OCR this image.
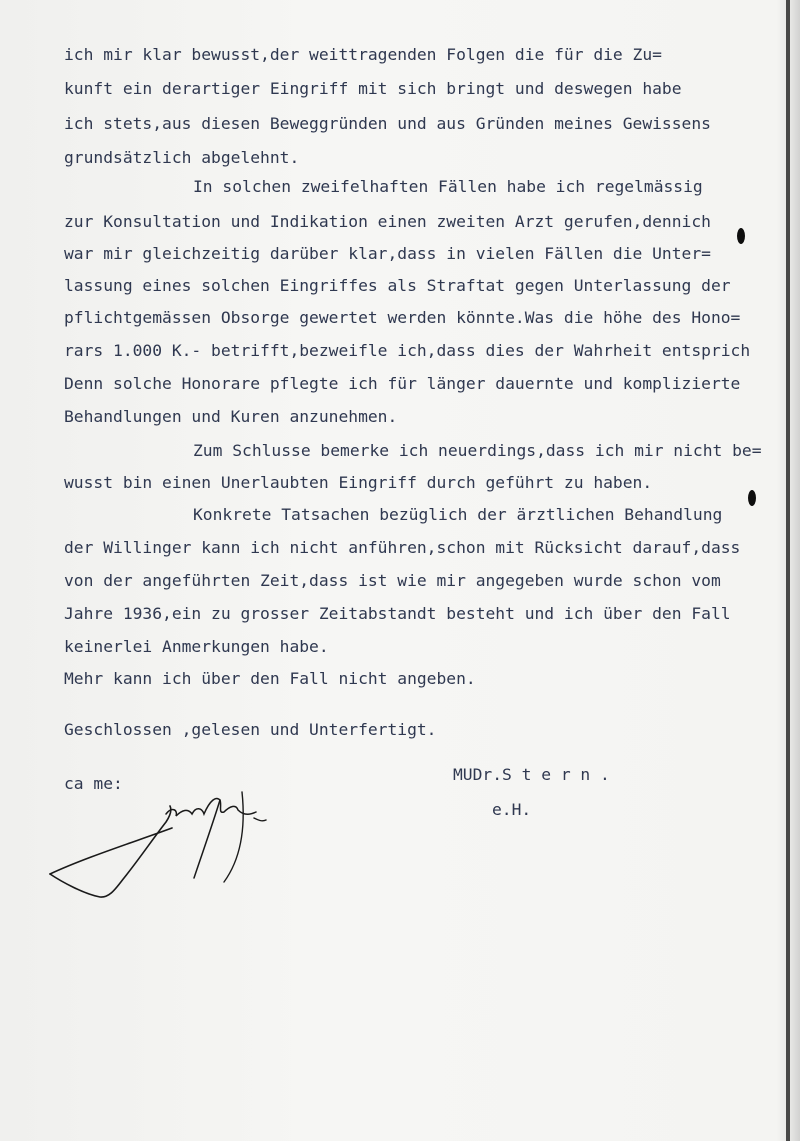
ich mir klar bewusst,der weittragenden Folgen die für die Zu=
kunft ein derartiger Eingriff mit sich bringt und deswegen habe
ich stets,aus diesen Beweggründen und aus Gründen meines Gewissens
grundsätzlich abgelehnt.
In solchen zweifelhaften Fällen habe ich regelmässig
zur Konsultation und Indikation einen zweiten Arzt gerufen,dennich
war mir gleichzeitig darüber klar,dass in vielen Fällen die Unter=
lassung eines solchen Eingriffes als Straftat gegen Unterlassung der
pflichtgemässen Obsorge gewertet werden könnte.Was die höhe des Hono=
rars 1.000 K.- betrifft,bezweifle ich,dass dies der Wahrheit entsprich
Denn solche Honorare pflegte ich für länger dauernte und komplizierte
Behandlungen und Kuren anzunehmen.
Zum Schlusse bemerke ich neuerdings,dass ich mir nicht be=
wusst bin einen Unerlaubten Eingriff durch geführt zu haben.
Konkrete Tatsachen bezüglich der ärztlichen Behandlung
der Willinger kann ich nicht anführen,schon mit Rücksicht darauf,dass
von der angeführten Zeit,dass ist wie mir angegeben wurde schon vom
Jahre 1936,ein zu grosser Zeitabstandt besteht und ich über den Fall
keinerlei Anmerkungen habe.
Mehr kann ich über den Fall nicht angeben.
Geschlossen ,gelesen und Unterfertigt.
ca me:	MUDr.S t e r n .
e.H.
